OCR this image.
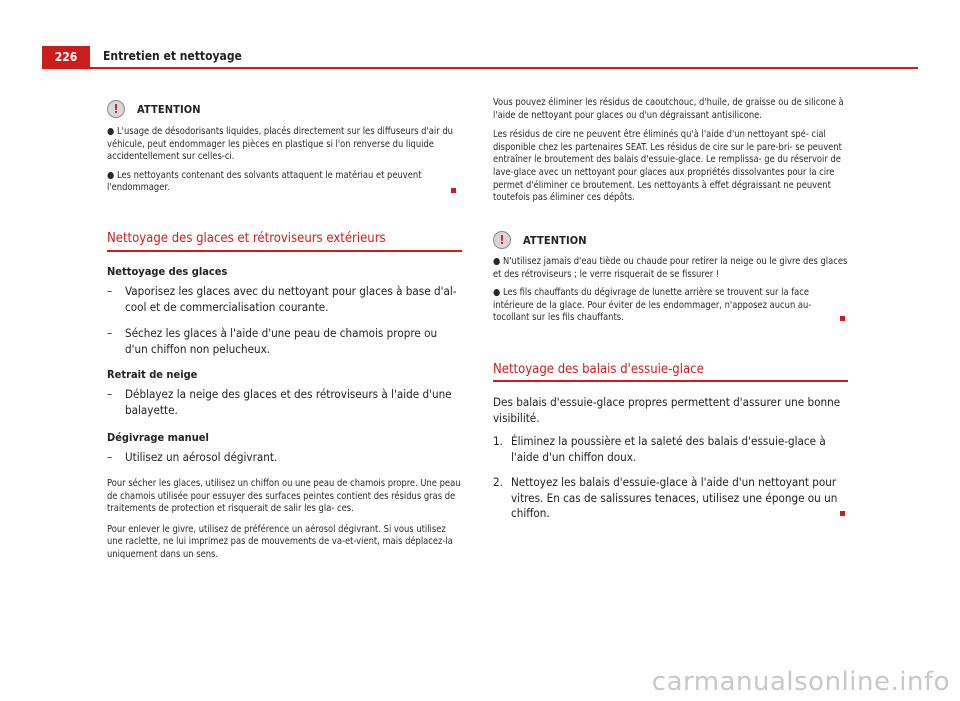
226	Entretien et nettoyage
!	ATTENTION

● L'usage de désodorisants liquides, placés directement sur les diffuseurs d'air du véhicule, peut endommager les pièces en plastique si l'on renverse du liquide accidentellement sur celles-ci.

● Les nettoyants contenant des solvants attaquent le matériau et peuvent l'endommager.

Nettoyage des glaces et rétroviseurs extérieurs
Nettoyage des glaces
– Vaporisez les glaces avec du nettoyant pour glaces à base d'al- cool et de commercialisation courante.
– Séchez les glaces à l'aide d'une peau de chamois propre ou d'un chiffon non pelucheux.
Retrait de neige
– Déblayez la neige des glaces et des rétroviseurs à l'aide d'une balayette.
Dégivrage manuel
– Utilisez un aérosol dégivrant.

Pour sécher les glaces, utilisez un chiffon ou une peau de chamois propre. Une peau de chamois utilisée pour essuyer des surfaces peintes contient des résidus gras de traitements de protection et risquerait de salir les gla- ces.

Pour enlever le givre, utilisez de préférence un aérosol dégivrant. Si vous utilisez une raclette, ne lui imprimez pas de mouvements de va-et-vient, mais déplacez-la uniquement dans un sens.

Vous pouvez éliminer les résidus de caoutchouc, d'huile, de graisse ou de silicone à l'aide de nettoyant pour glaces ou d'un dégraissant antisilicone.

Les résidus de cire ne peuvent être éliminés qu'à l'aide d'un nettoyant spé- cial disponible chez les partenaires SEAT. Les résidus de cire sur le pare-bri- se peuvent entraîner le broutement des balais d'essuie-glace. Le remplissa- ge du réservoir de lave-glace avec un nettoyant pour glaces aux propriétés dissolvantes pour la cire permet d'éliminer ce broutement. Les nettoyants à effet dégraissant ne peuvent toutefois pas éliminer ces dépôts.

!	ATTENTION

● N'utilisez jamais d'eau tiède ou chaude pour retirer la neige ou le givre des glaces et des rétroviseurs ; le verre risquerait de se fissurer !

● Les fils chauffants du dégivrage de lunette arrière se trouvent sur la face intérieure de la glace. Pour éviter de les endommager, n'apposez aucun au- tocollant sur les fils chauffants.

Nettoyage des balais d'essuie-glace
Des balais d'essuie-glace propres permettent d'assurer une bonne visibilité.
1. Éliminez la poussière et la saleté des balais d'essuie-glace à l'aide d'un chiffon doux.
2. Nettoyez les balais d'essuie-glace à l'aide d'un nettoyant pour vitres. En cas de salissures tenaces, utilisez une éponge ou un chiffon.
carmanualsonline.info
